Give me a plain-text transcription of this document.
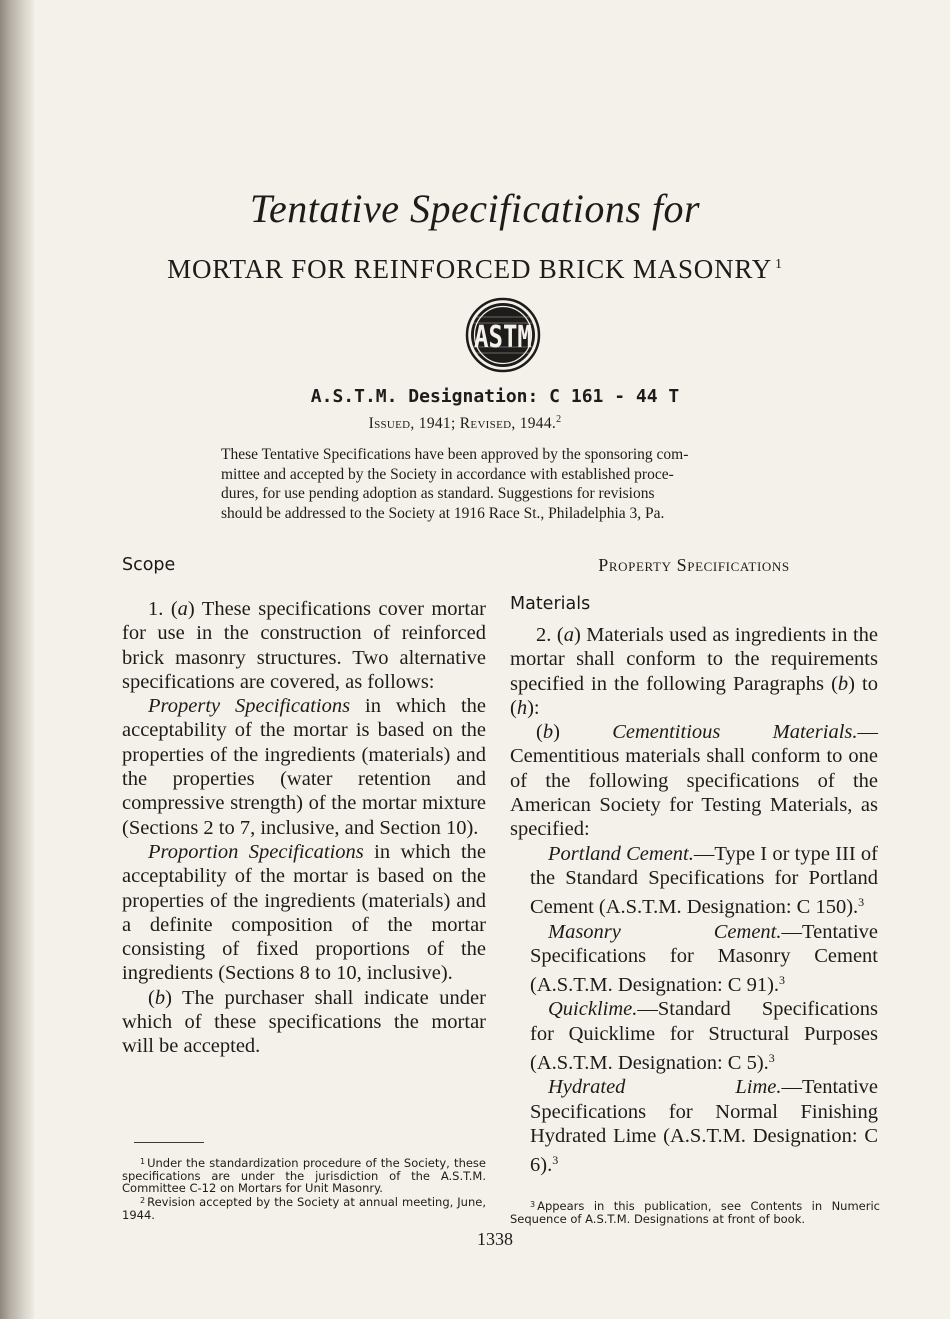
Tentative Specifications for
MORTAR FOR REINFORCED BRICK MASONRY $^1$
ASTM
A.S.T.M. Designation: C 161 - 44 T
Issued, 1941; Revised, 1944.$^2$
These Tentative Specifications have been approved by the sponsoring com-
mittee and accepted by the Society in accordance with established proce-
dures, for use pending adoption as standard. Suggestions for revisions
should be addressed to the Society at 1916 Race St., Philadelphia 3, Pa.
Scope

1. (a) These specifications cover mortar for use in the construction of reinforced brick masonry structures. Two alternative specifications are covered, as follows:

Property Specifications in which the acceptability of the mortar is based on the properties of the ingredients (materials) and the properties (water retention and compressive strength) of the mortar mixture (Sections 2 to 7, inclusive, and Section 10).

Proportion Specifications in which the acceptability of the mortar is based on the properties of the ingredients (materials) and a definite composition of the mortar consisting of fixed proportions of the ingredients (Sections 8 to 10, inclusive).

(b) The purchaser shall indicate under which of these specifications the mortar will be accepted.

Property Specifications
Materials

2. (a) Materials used as ingredients in the mortar shall conform to the requirements specified in the following Paragraphs (b) to (h):

(b) Cementitious Materials.—Cementitious materials shall conform to one of the following specifications of the American Society for Testing Materials, as specified:

Portland Cement.—Type I or type III of the Standard Specifications for Portland Cement (A.S.T.M. Designation: C 150).$^3$

Masonry Cement.—Tentative Specifications for Masonry Cement (A.S.T.M. Designation: C 91).$^3$

Quicklime.—Standard Specifications for Quicklime for Structural Purposes (A.S.T.M. Designation: C 5).$^3$

Hydrated Lime.—Tentative Specifications for Normal Finishing Hydrated Lime (A.S.T.M. Designation: C 6).$^3$

$^1$ Under the standardization procedure of the Society, these specifications are under the jurisdiction of the A.S.T.M. Committee C-12 on Mortars for Unit Masonry.

$^2$ Revision accepted by the Society at annual meeting, June, 1944.

$^3$ Appears in this publication, see Contents in Numeric Sequence of A.S.T.M. Designations at front of book.

1338
